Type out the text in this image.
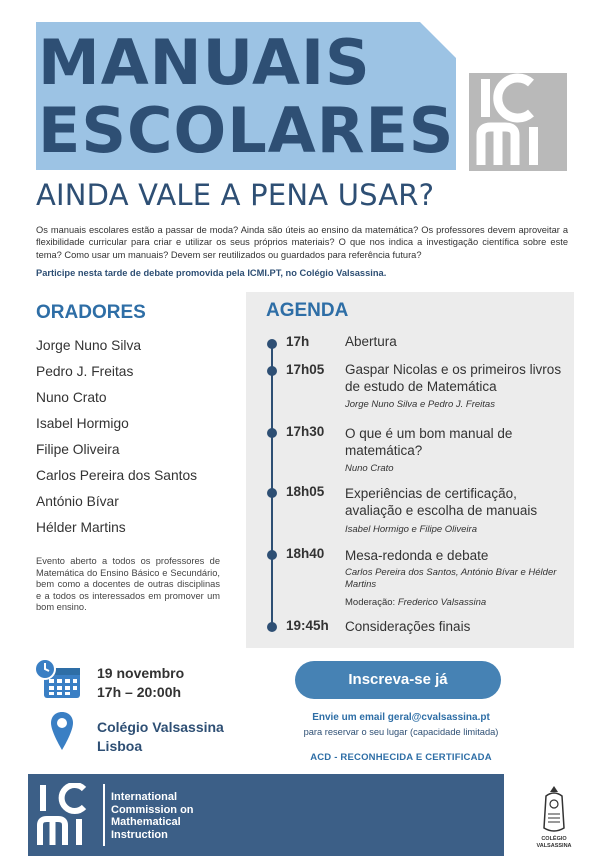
MANUAIS
ESCOLARES
AINDA VALE A PENA USAR?
Os manuais escolares estão a passar de moda? Ainda são úteis ao ensino da matemática? Os professores devem aproveitar a flexibilidade curricular para criar e utilizar os seus próprios materiais? O que nos indica a investigação científica sobre este tema? Como usar um manuais? Devem ser reutilizados ou guardados para referência futura?
Participe nesta tarde de debate promovida pela ICMI.PT, no Colégio Valsassina.
ORADORES
Jorge Nuno Silva
Pedro J. Freitas
Nuno Crato
Isabel Hormigo
Filipe Oliveira
Carlos Pereira dos Santos
António Bívar
Hélder Martins
Evento aberto a todos os professores de Matemática do Ensino Básico e Secundário, bem como a docentes de outras disciplinas e a todos os interessados em promover um bom ensino.
AGENDA
17h	Abertura
17h05 Gaspar Nicolas e os primeiros livros de estudo de Matemática
Jorge Nuno Silva e Pedro J. Freitas
17h30 O que é um bom manual de matemática?
Nuno Crato
18h05 Experiências de certificação, avaliação e escolha de manuais
Isabel Hormigo e Filipe Oliveira
18h40 Mesa-redonda e debate
Carlos Pereira dos Santos, António Bívar e Hélder Martins
Moderação: Frederico Valsassina
19:45h Considerações finais
19 novembro
17h – 20:00h
Colégio Valsassina
Lisboa
Inscreva-se já
Envie um email geral@cvalsassina.pt
para reservar o seu lugar (capacidade limitada)
ACD - RECONHECIDA E CERTIFICADA
International
Commission on
Mathematical
Instruction	COLÉGIO
VALSASSINA
